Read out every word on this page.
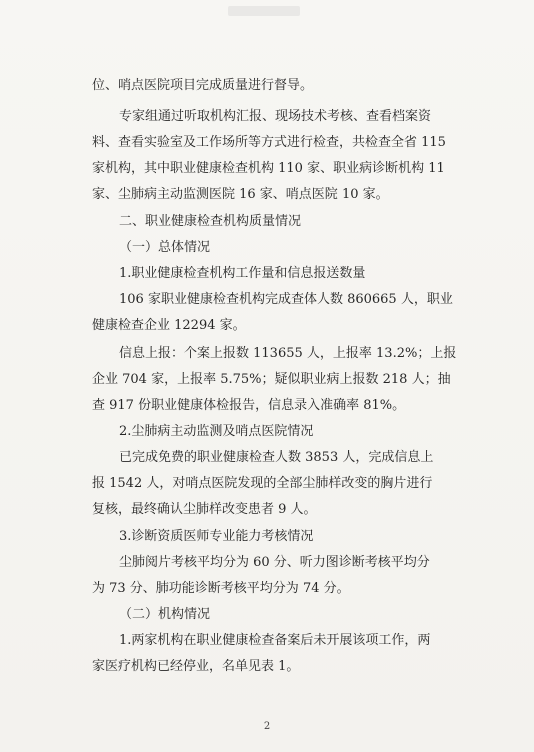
位、哨点医院项目完成质量进行督导。
专家组通过听取机构汇报、现场技术考核、查看档案资
料、查看实验室及工作场所等方式进行检查，共检查全省 115
家机构，其中职业健康检查机构 110 家、职业病诊断机构 11
家、尘肺病主动监测医院 16 家、哨点医院 10 家。
二、职业健康检查机构质量情况
（一）总体情况
1.职业健康检查机构工作量和信息报送数量
106 家职业健康检查机构完成查体人数 860665 人，职业
健康检查企业 12294 家。
信息上报：个案上报数 113655 人，上报率 13.2%；上报
企业 704 家，上报率 5.75%；疑似职业病上报数 218 人；抽
查 917 份职业健康体检报告，信息录入准确率 81%。
2.尘肺病主动监测及哨点医院情况
已完成免费的职业健康检查人数 3853 人，完成信息上
报 1542 人，对哨点医院发现的全部尘肺样改变的胸片进行
复核，最终确认尘肺样改变患者 9 人。
3.诊断资质医师专业能力考核情况
尘肺阅片考核平均分为 60 分、听力图诊断考核平均分
为 73 分、肺功能诊断考核平均分为 74 分。
（二）机构情况
1.两家机构在职业健康检查备案后未开展该项工作，两
家医疗机构已经停业，名单见表 1。
2
